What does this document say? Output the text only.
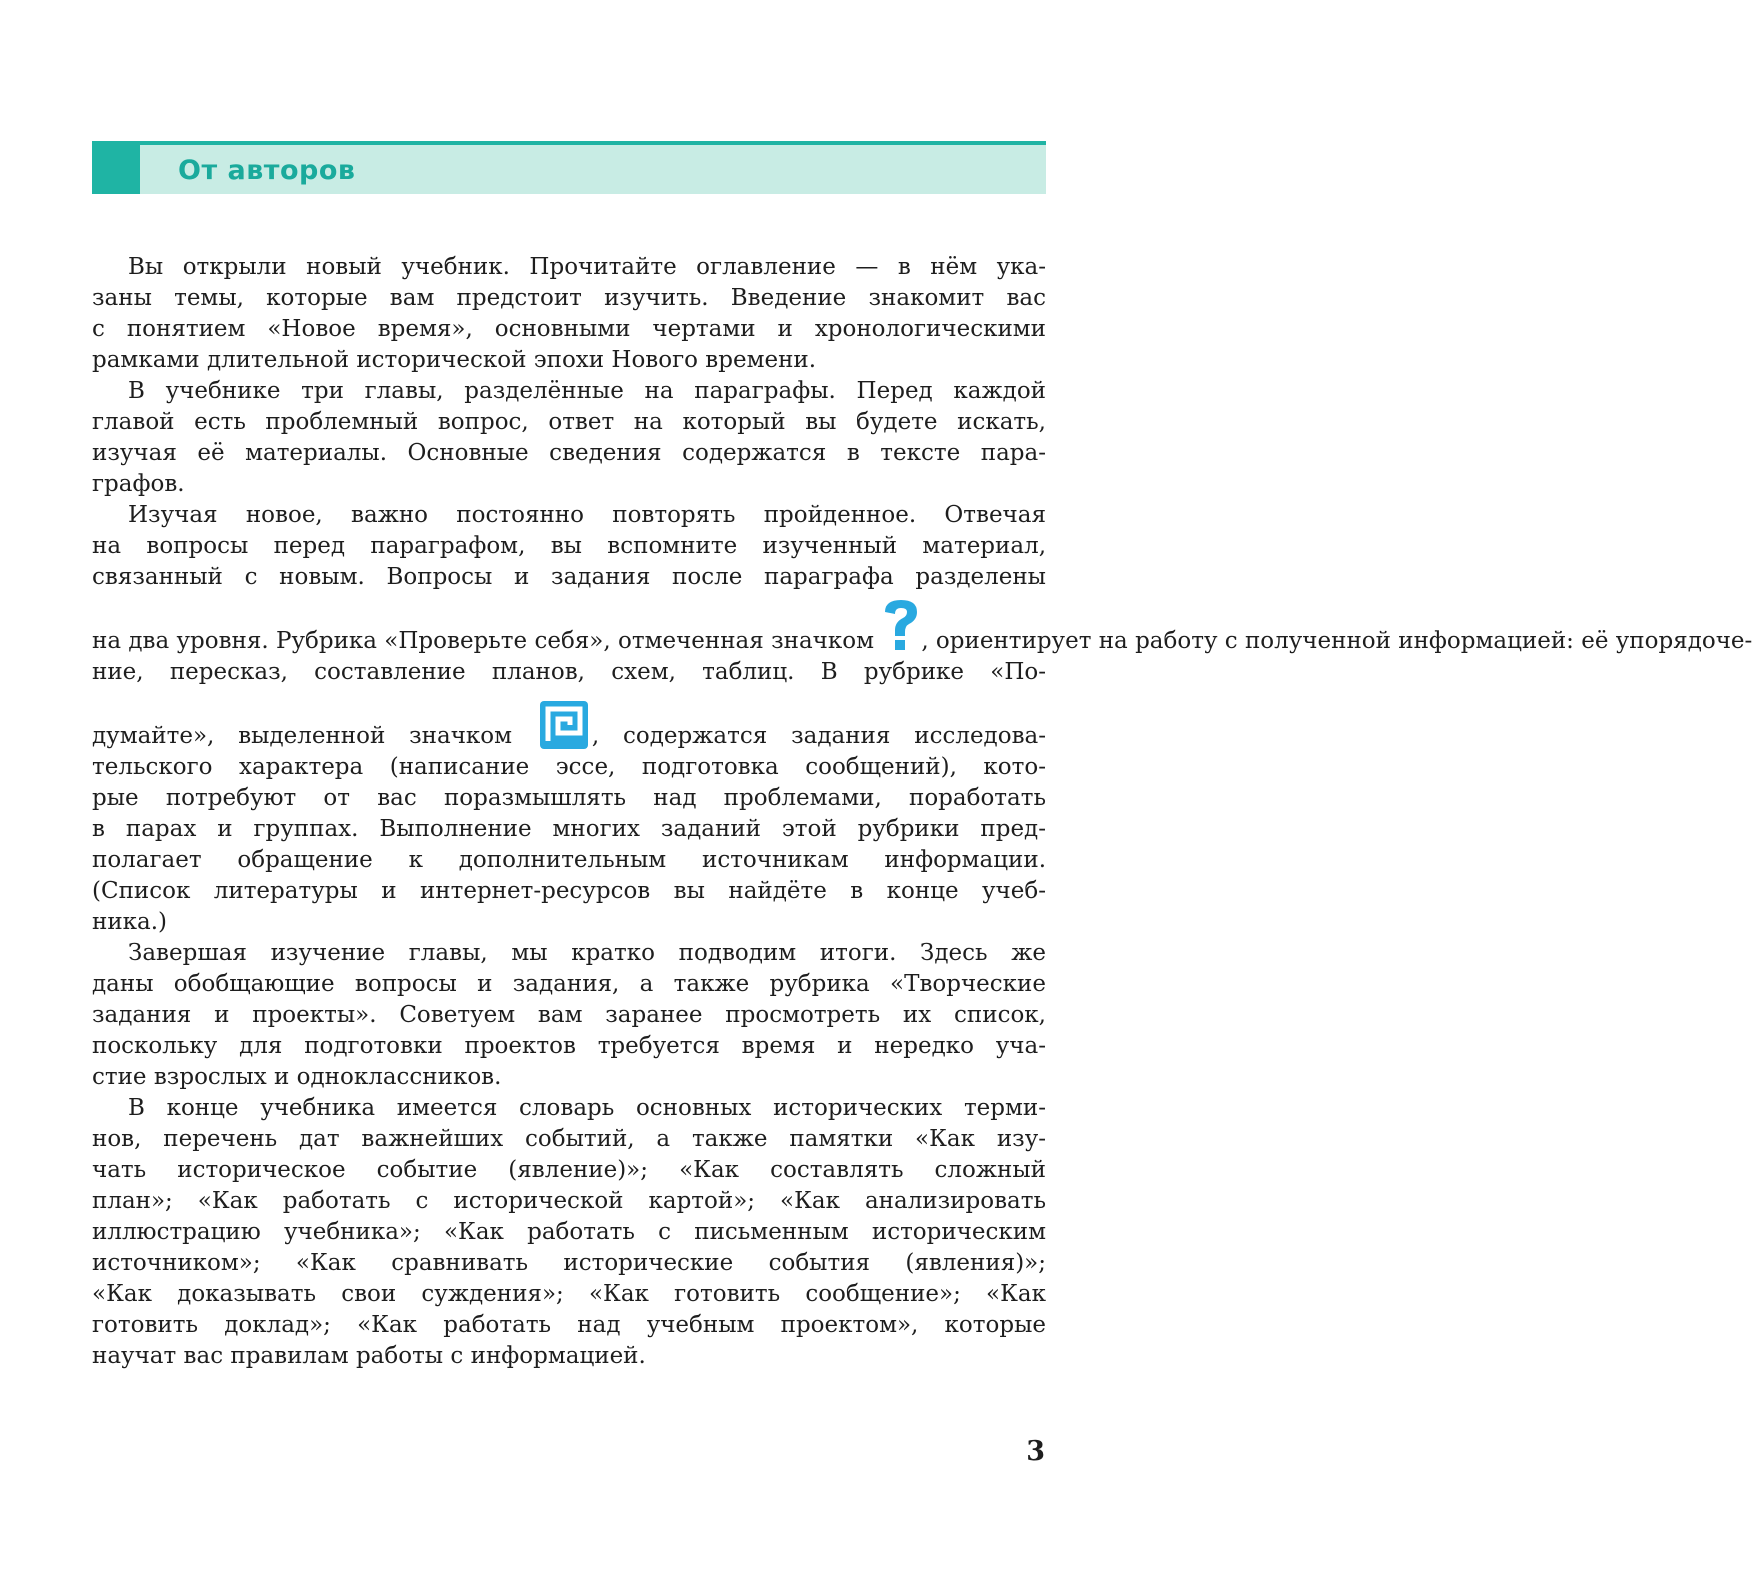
От авторов
Вы открыли новый учебник. Прочитайте оглавление — в нём ука-
заны темы, которые вам предстоит изучить. Введение знакомит вас
с понятием «Новое время», основными чертами и хронологическими
рамками длительной исторической эпохи Нового времени.
В учебнике три главы, разделённые на параграфы. Перед каждой
главой есть проблемный вопрос, ответ на который вы будете искать,
изучая её материалы. Основные сведения содержатся в тексте пара-
графов.
Изучая новое, важно постоянно повторять пройденное. Отвечая
на вопросы перед параграфом, вы вспомните изученный материал,
связанный с новым. Вопросы и задания после параграфа разделены
на два уровня. Рубрика «Проверьте себя», отмеченная значком , ориентирует на работу с полученной информацией: её упорядоче-
ние, пересказ, составление планов, схем, таблиц. В рубрике «По-
думайте», выделенной значком	, содержатся задания исследова-
тельского характера (написание эссе, подготовка сообщений), кото-
рые потребуют от вас поразмышлять над проблемами, поработать
в парах и группах. Выполнение многих заданий этой рубрики пред-
полагает обращение к дополнительным источникам информации.
(Список литературы и интернет-ресурсов вы найдёте в конце учеб-
ника.)
Завершая изучение главы, мы кратко подводим итоги. Здесь же
даны обобщающие вопросы и задания, а также рубрика «Творческие
задания и проекты». Советуем вам заранее просмотреть их список,
поскольку для подготовки проектов требуется время и нередко уча-
стие взрослых и одноклассников.
В конце учебника имеется словарь основных исторических терми-
нов, перечень дат важнейших событий, а также памятки «Как изу-
чать историческое событие (явление)»; «Как составлять сложный
план»; «Как работать с исторической картой»; «Как анализировать
иллюстрацию учебника»; «Как работать с письменным историческим
источником»; «Как сравнивать исторические события (явления)»;
«Как доказывать свои суждения»; «Как готовить сообщение»; «Как
готовить доклад»; «Как работать над учебным проектом», которые
научат вас правилам работы с информацией.
3
